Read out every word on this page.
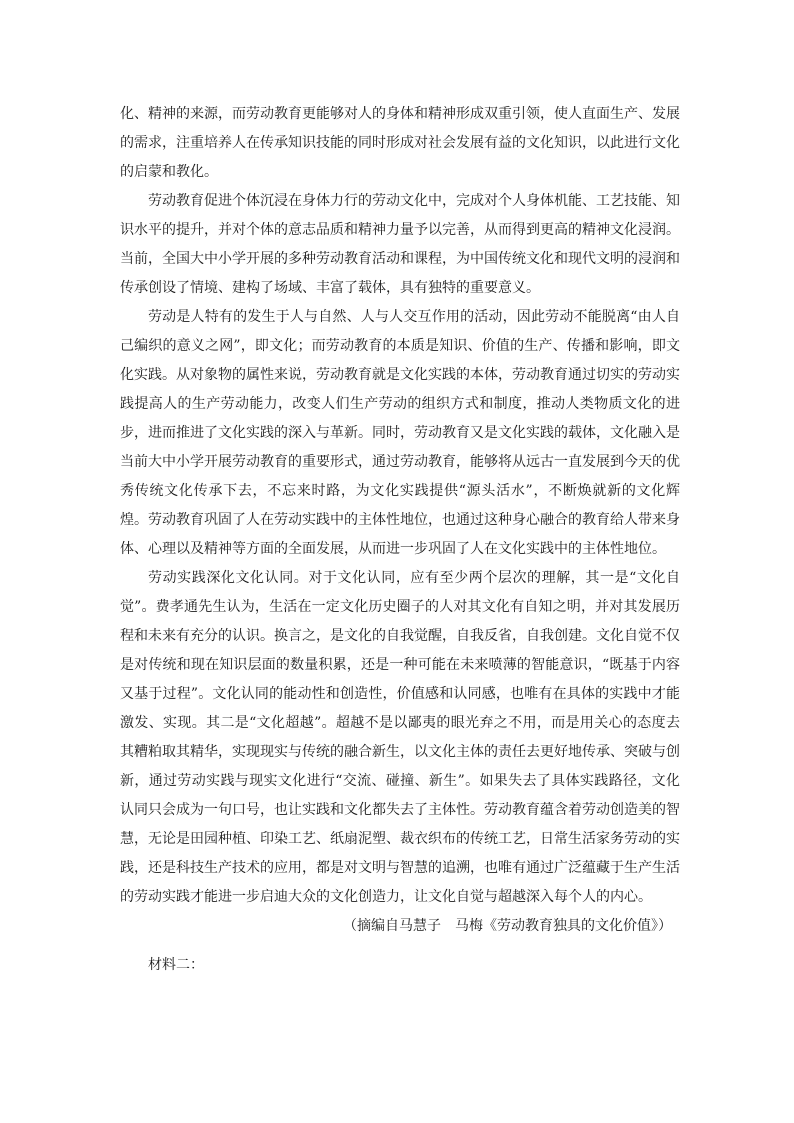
化、精神的来源，而劳动教育更能够对人的身体和精神形成双重引领，使人直面生产、发展的需求，注重培养人在传承知识技能的同时形成对社会发展有益的文化知识，以此进行文化的启蒙和教化。

劳动教育促进个体沉浸在身体力行的劳动文化中，完成对个人身体机能、工艺技能、知识水平的提升，并对个体的意志品质和精神力量予以完善，从而得到更高的精神文化浸润。当前，全国大中小学开展的多种劳动教育活动和课程，为中国传统文化和现代文明的浸润和传承创设了情境、建构了场域、丰富了载体，具有独特的重要意义。

劳动是人特有的发生于人与自然、人与人交互作用的活动，因此劳动不能脱离“由人自己编织的意义之网”，即文化；而劳动教育的本质是知识、价值的生产、传播和影响，即文化实践。从对象物的属性来说，劳动教育就是文化实践的本体，劳动教育通过切实的劳动实践提高人的生产劳动能力，改变人们生产劳动的组织方式和制度，推动人类物质文化的进步，进而推进了文化实践的深入与革新。同时，劳动教育又是文化实践的载体，文化融入是当前大中小学开展劳动教育的重要形式，通过劳动教育，能够将从远古一直发展到今天的优秀传统文化传承下去，不忘来时路，为文化实践提供“源头活水”，不断焕就新的文化辉煌。劳动教育巩固了人在劳动实践中的主体性地位，也通过这种身心融合的教育给人带来身体、心理以及精神等方面的全面发展，从而进一步巩固了人在文化实践中的主体性地位。

劳动实践深化文化认同。对于文化认同，应有至少两个层次的理解，其一是“文化自觉”。费孝通先生认为，生活在一定文化历史圈子的人对其文化有自知之明，并对其发展历程和未来有充分的认识。换言之，是文化的自我觉醒，自我反省，自我创建。文化自觉不仅是对传统和现在知识层面的数量积累，还是一种可能在未来喷薄的智能意识，“既基于内容又基于过程”。文化认同的能动性和创造性，价值感和认同感，也唯有在具体的实践中才能激发、实现。其二是“文化超越”。超越不是以鄙夷的眼光弃之不用，而是用关心的态度去其糟粕取其精华，实现现实与传统的融合新生，以文化主体的责任去更好地传承、突破与创新，通过劳动实践与现实文化进行“交流、碰撞、新生”。如果失去了具体实践路径，文化认同只会成为一句口号，也让实践和文化都失去了主体性。劳动教育蕴含着劳动创造美的智慧，无论是田园种植、印染工艺、纸扇泥塑、裁衣织布的传统工艺，日常生活家务劳动的实践，还是科技生产技术的应用，都是对文明与智慧的追溯，也唯有通过广泛蕴藏于生产生活的劳动实践才能进一步启迪大众的文化创造力，让文化自觉与超越深入每个人的内心。

（摘编自马慧子　马梅《劳动教育独具的文化价值》）

材料二：
